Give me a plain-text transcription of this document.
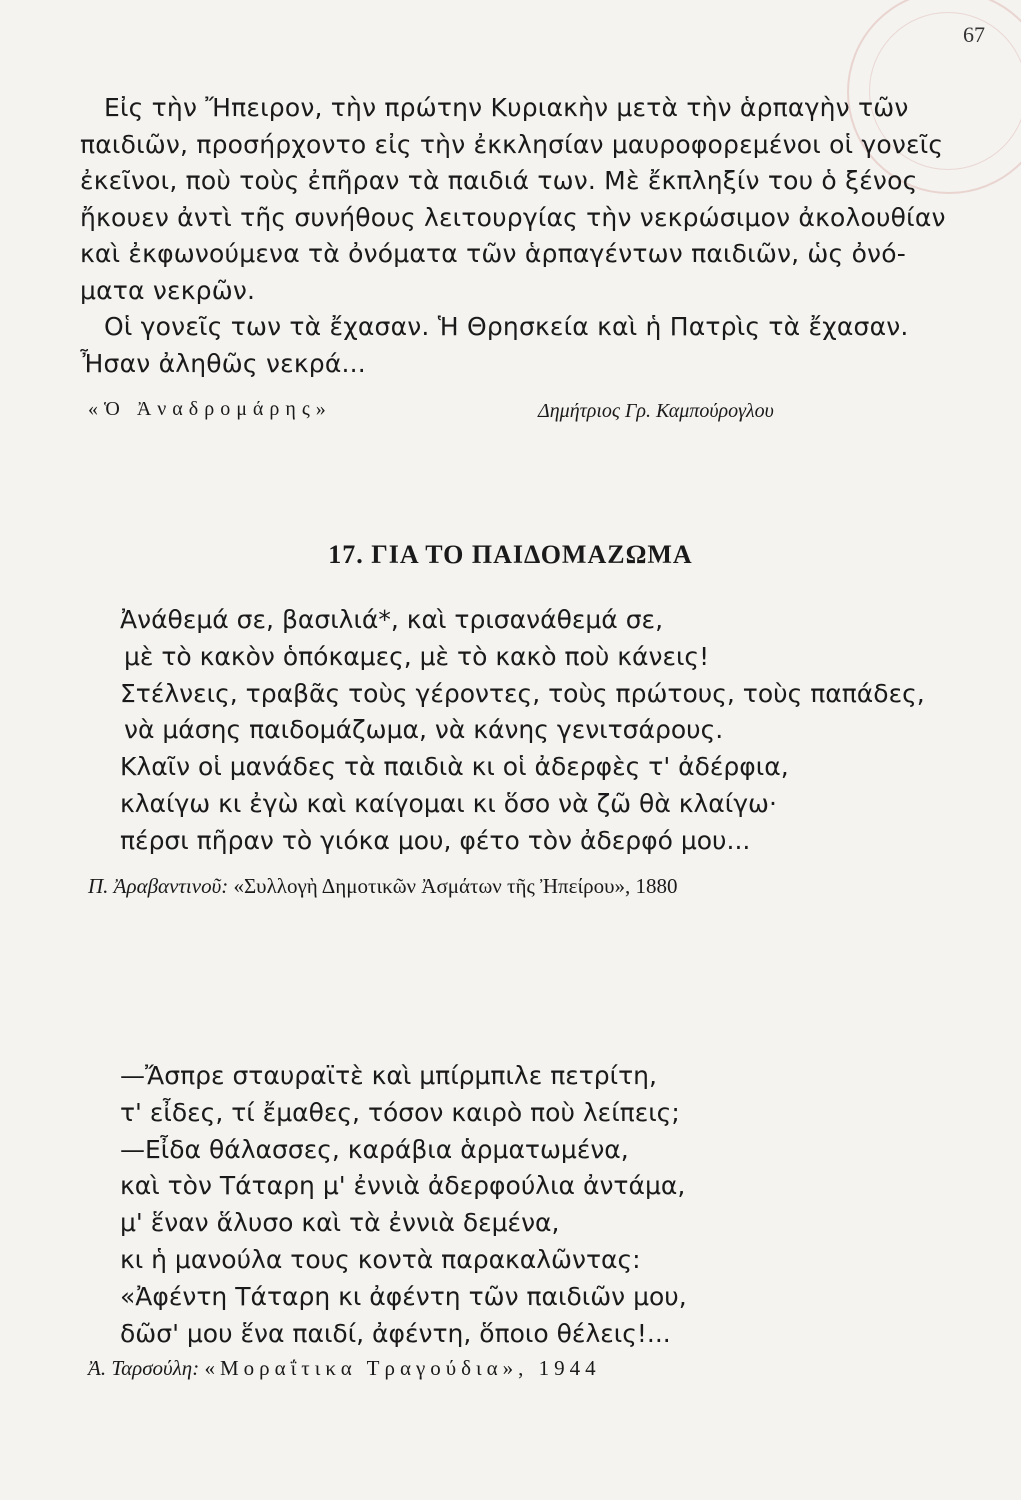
67

Εἰς τὴν Ἤπειρον, τὴν πρώτην Κυριακὴν μετὰ τὴν ἁρπαγὴν τῶν
παιδιῶν, προσήρχοντο εἰς τὴν ἐκκλησίαν μαυροφορεμένοι οἱ γονεῖς
ἐκεῖνοι, ποὺ τοὺς ἐπῆραν τὰ παιδιά των. Μὲ ἔκπληξίν του ὁ ξένος
ἤκουεν ἀντὶ τῆς συνήθους λειτουργίας τὴν νεκρώσιμον ἀκολουθίαν
καὶ ἐκφωνούμενα τὰ ὀνόματα τῶν ἁρπαγέντων παιδιῶν, ὡς ὀνό-
ματα νεκρῶν.

Οἱ γονεῖς των τὰ ἔχασαν. Ἡ Θρησκεία καὶ ἡ Πατρὶς τὰ ἔχασαν.
Ἦσαν ἀληθῶς νεκρά...

«Ὁ Ἀναδρομάρης»	Δημήτριος Γρ. Καμπούρογλου
17. ΓΙΑ ΤΟ ΠΑΙΔΟΜΑΖΩΜΑ
Ἀνάθεμά σε, βασιλιά*, καὶ τρισανάθεμά σε,
μὲ τὸ κακὸν ὁπόκαμες, μὲ τὸ κακὸ ποὺ κάνεις!
Στέλνεις, τραβᾶς τοὺς γέροντες, τοὺς πρώτους, τοὺς παπάδες,
νὰ μάσης παιδομάζωμα, νὰ κάνης γενιτσάρους.
Κλαῖν οἱ μανάδες τὰ παιδιὰ κι οἱ ἀδερφὲς τ' ἀδέρφια,
κλαίγω κι ἐγὼ καὶ καίγομαι κι ὅσο νὰ ζῶ θὰ κλαίγω·
πέρσι πῆραν τὸ γιόκα μου, φέτο τὸν ἀδερφό μου...
Π. Ἀραβαντινοῦ: «Συλλογὴ Δημοτικῶν Ἀσμάτων τῆς Ἠπείρου», 1880
—Ἄσπρε σταυραϊτὲ καὶ μπίρμπιλε πετρίτη,
τ' εἶδες, τί ἔμαθες, τόσον καιρὸ ποὺ λείπεις;
—Εἶδα θάλασσες, καράβια ἁρματωμένα,
καὶ τὸν Τάταρη μ' ἐννιὰ ἀδερφούλια ἀντάμα,
μ' ἕναν ἅλυσο καὶ τὰ ἐννιὰ δεμένα,
κι ἡ μανούλα τους κοντὰ παρακαλῶντας:
«Ἀφέντη Τάταρη κι ἀφέντη τῶν παιδιῶν μου,
δῶσ' μου ἕνα παιδί, ἀφέντη, ὅποιο θέλεις!...
Ἀ. Ταρσούλη: «Μοραΐτικα Τραγούδια», 1944
